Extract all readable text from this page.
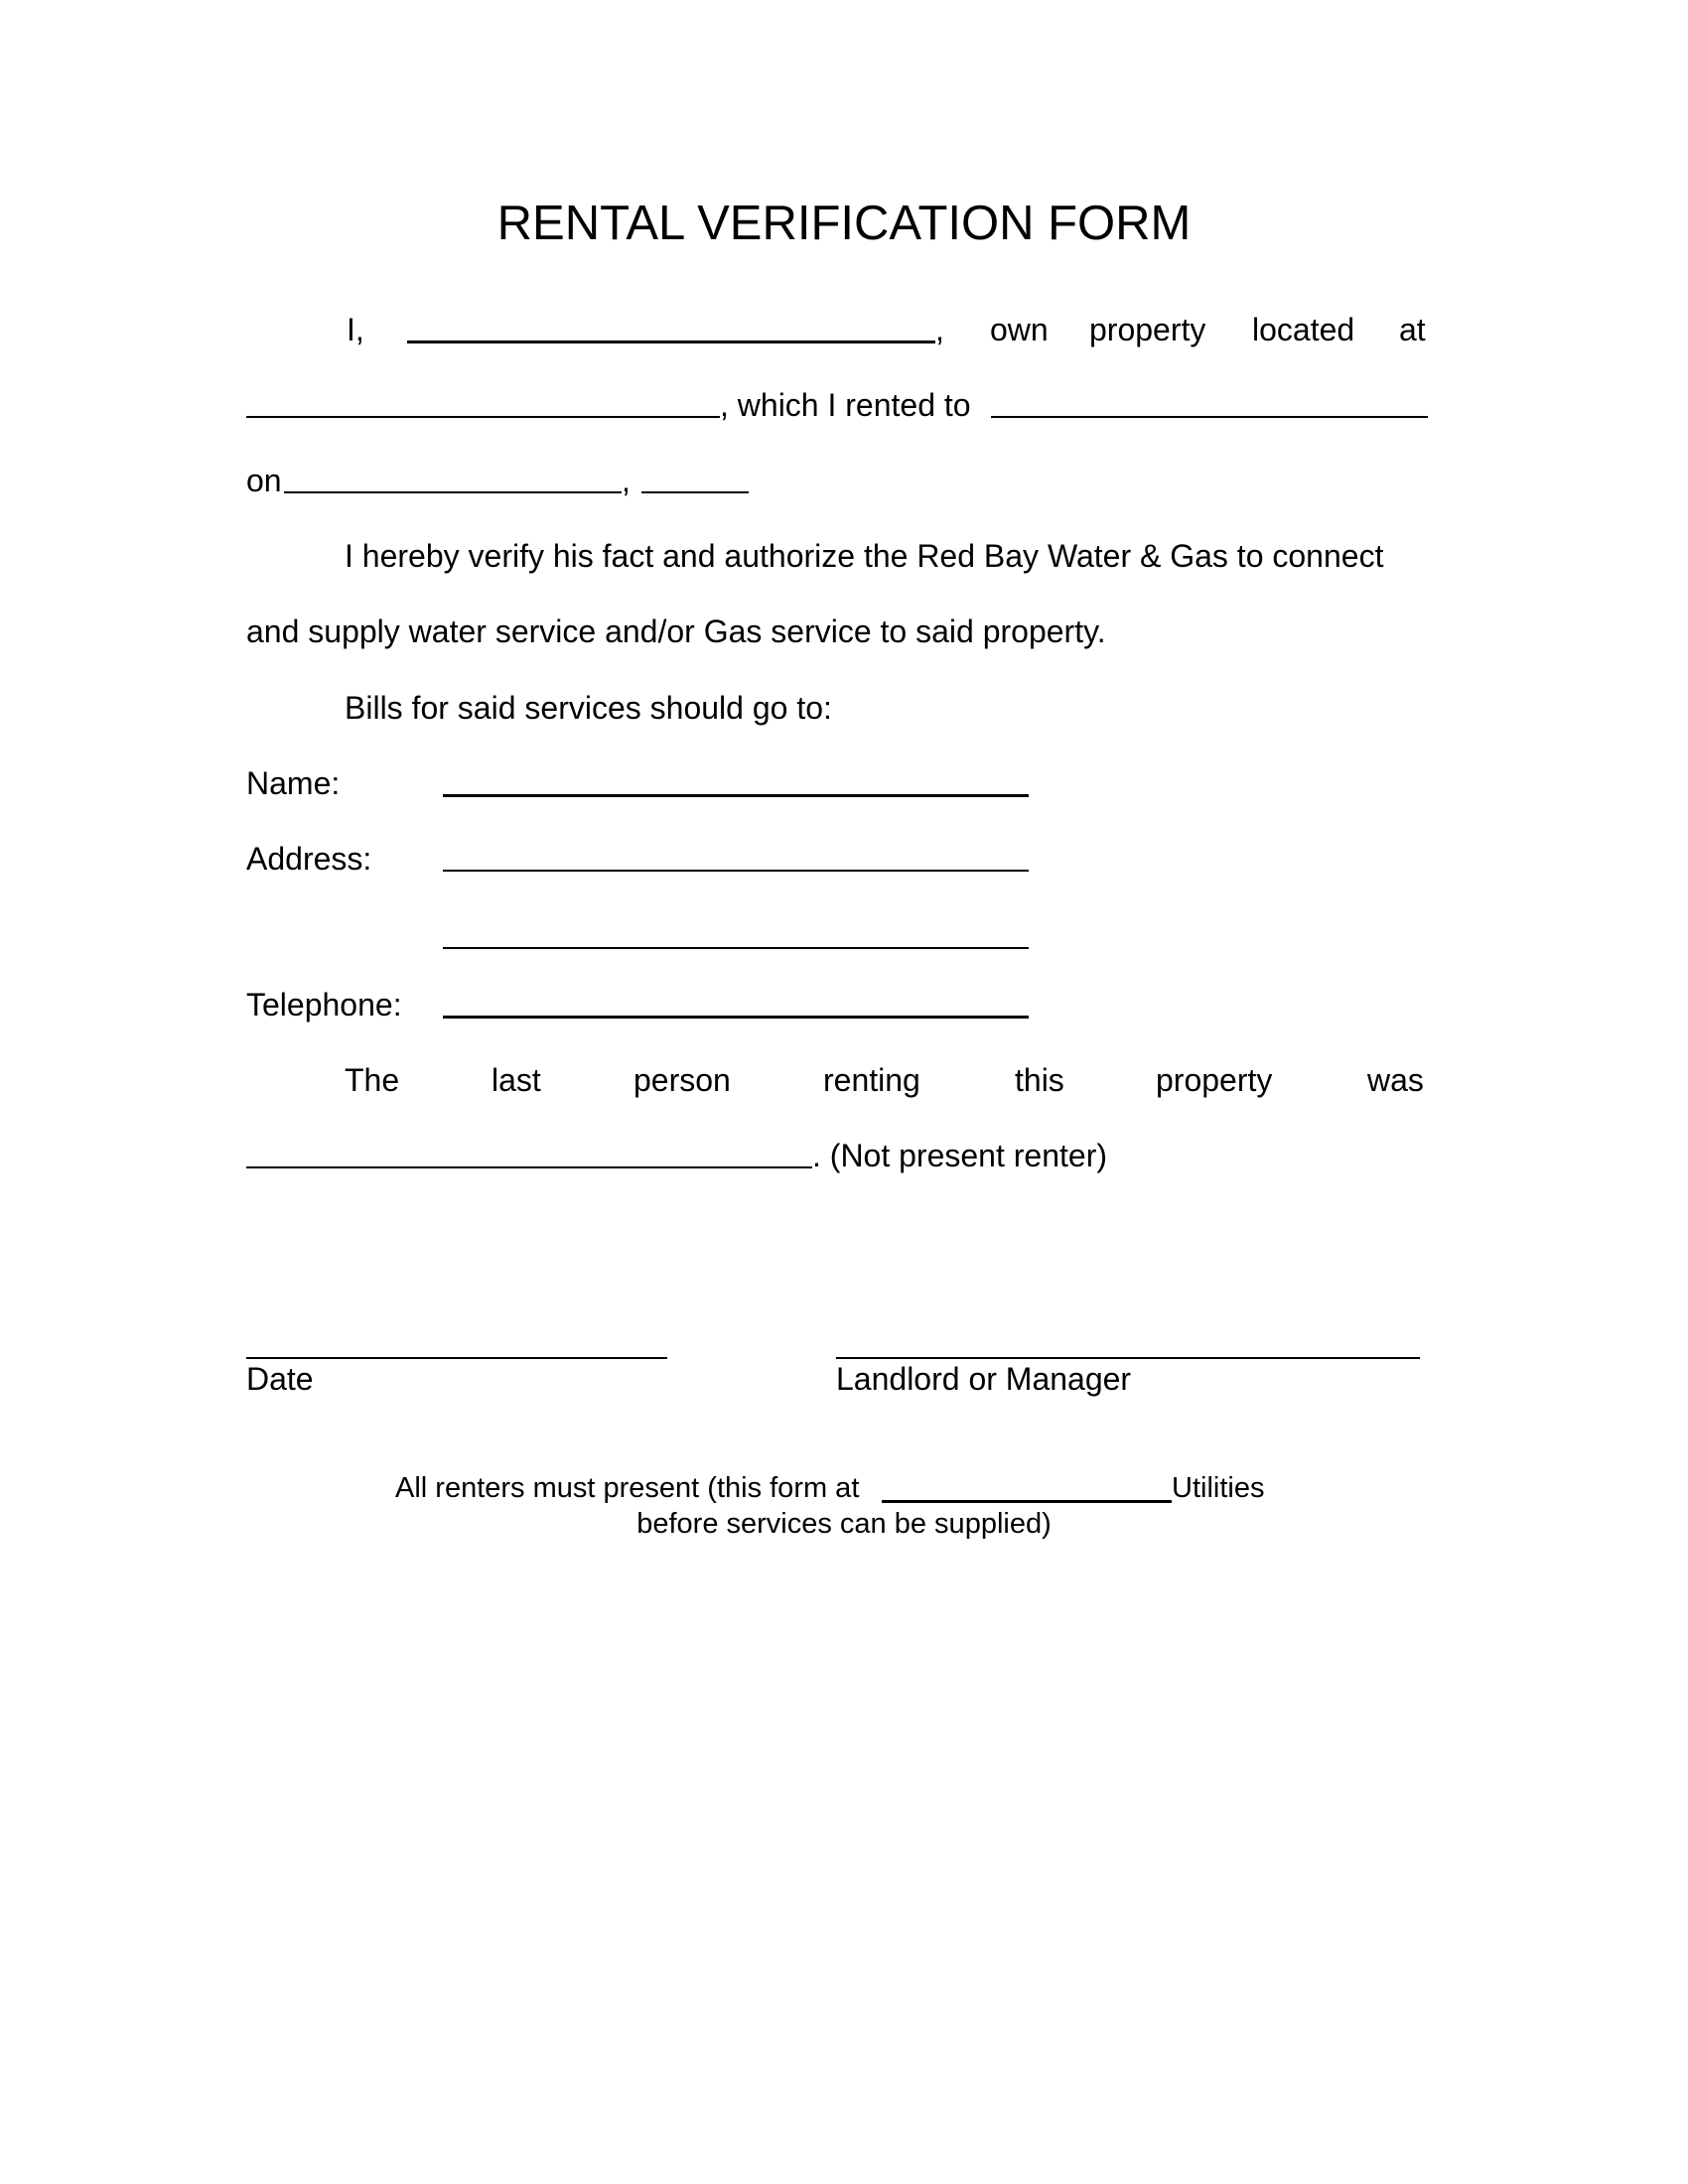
RENTAL VERIFICATION FORM
I,	, own property located at
, which I rented to
on	,
I hereby verify his fact and authorize the Red Bay Water & Gas to connect
and supply water service and/or Gas service to said property.
Bills for said services should go to:
Name:
Address:
Telephone:
The	last	person	renting	this	property	was
. (Not present renter)
Date	Landlord or Manager
All renters must present (this form at	Utilities
before services can be supplied)
